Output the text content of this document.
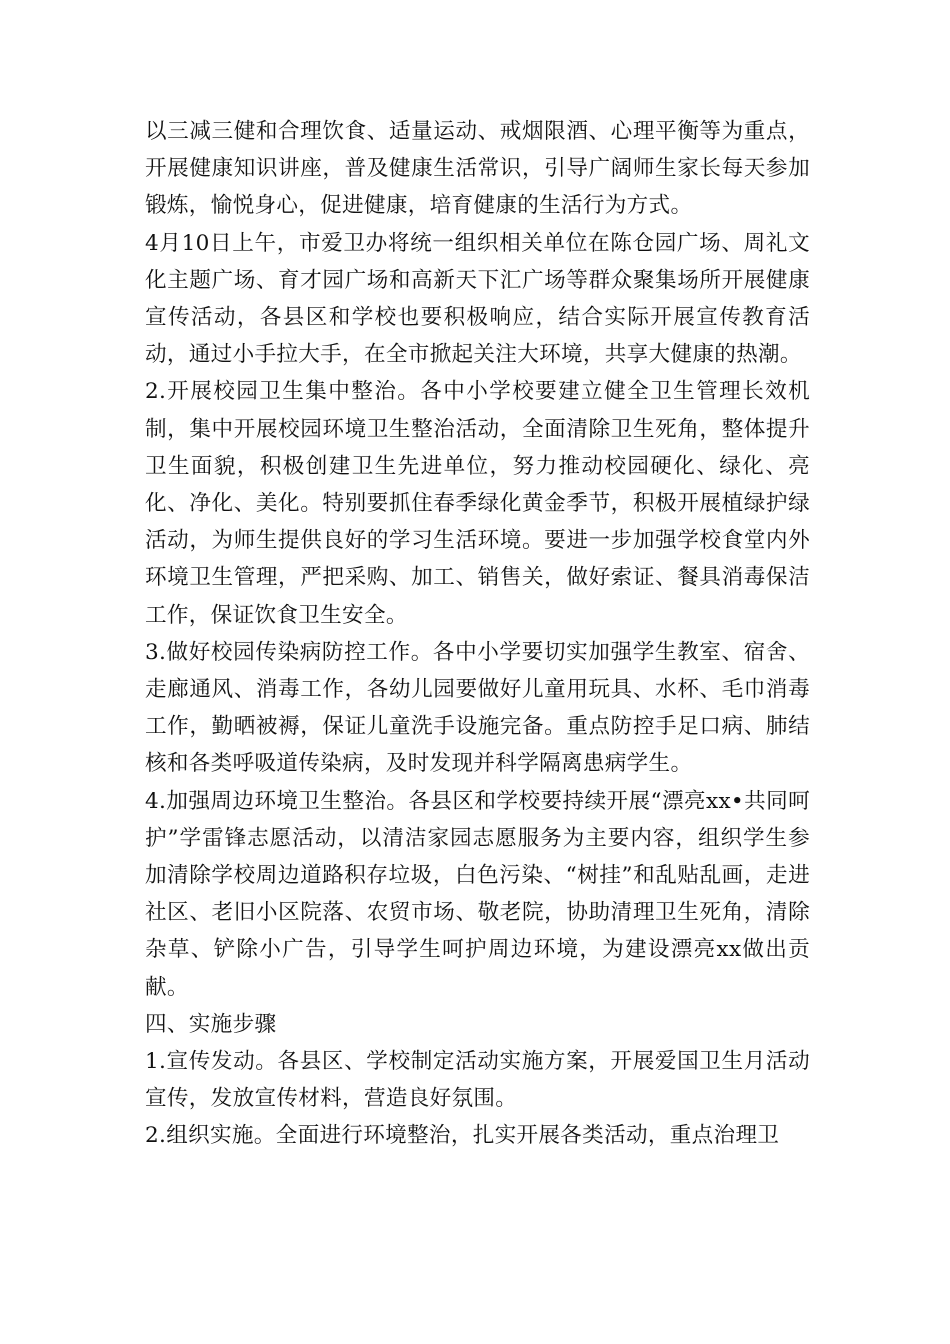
以三减三健和合理饮食、适量运动、戒烟限酒、心理平衡等为重点，开展健康知识讲座，普及健康生活常识，引导广阔师生家长每天参加锻炼，愉悦身心，促进健康，培育健康的生活行为方式。

4月10日上午，市爱卫办将统一组织相关单位在陈仓园广场、周礼文化主题广场、育才园广场和高新天下汇广场等群众聚集场所开展健康宣传活动，各县区和学校也要积极响应，结合实际开展宣传教育活动，通过小手拉大手，在全市掀起关注大环境，共享大健康的热潮。

2.开展校园卫生集中整治。各中小学校要建立健全卫生管理长效机制，集中开展校园环境卫生整治活动，全面清除卫生死角，整体提升卫生面貌，积极创建卫生先进单位，努力推动校园硬化、绿化、亮化、净化、美化。特别要抓住春季绿化黄金季节，积极开展植绿护绿活动，为师生提供良好的学习生活环境。要进一步加强学校食堂内外环境卫生管理，严把采购、加工、销售关，做好索证、餐具消毒保洁工作，保证饮食卫生安全。

3.做好校园传染病防控工作。各中小学要切实加强学生教室、宿舍、走廊通风、消毒工作，各幼儿园要做好儿童用玩具、水杯、毛巾消毒工作，勤晒被褥，保证儿童洗手设施完备。重点防控手足口病、肺结核和各类呼吸道传染病，及时发现并科学隔离患病学生。

4.加强周边环境卫生整治。各县区和学校要持续开展“漂亮xx•共同呵护”学雷锋志愿活动，以清洁家园志愿服务为主要内容，组织学生参加清除学校周边道路积存垃圾，白色污染、“树挂”和乱贴乱画，走进社区、老旧小区院落、农贸市场、敬老院，协助清理卫生死角，清除杂草、铲除小广告，引导学生呵护周边环境，为建设漂亮xx做出贡献。

四、实施步骤

1.宣传发动。各县区、学校制定活动实施方案，开展爱国卫生月活动宣传，发放宣传材料，营造良好氛围。

2.组织实施。全面进行环境整治，扎实开展各类活动，重点治理卫
